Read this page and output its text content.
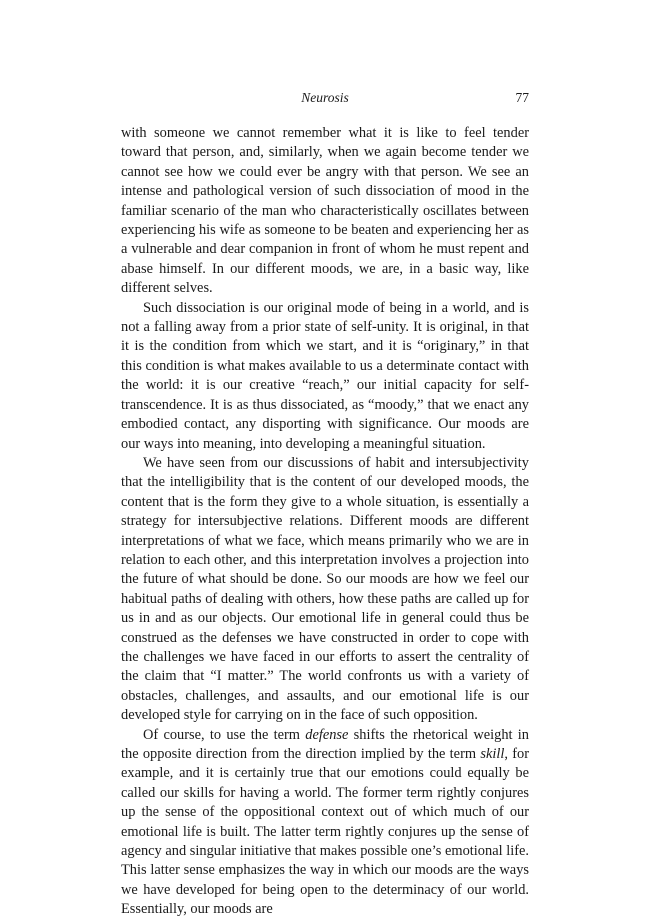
Neurosis	77

with someone we cannot remember what it is like to feel tender toward that person, and, similarly, when we again become tender we cannot see how we could ever be angry with that person. We see an intense and pathological version of such dissociation of mood in the familiar scenario of the man who characteristically oscillates between experiencing his wife as someone to be beaten and experiencing her as a vulnerable and dear companion in front of whom he must repent and abase himself. In our different moods, we are, in a basic way, like different selves.

Such dissociation is our original mode of being in a world, and is not a falling away from a prior state of self-unity. It is original, in that it is the condition from which we start, and it is “originary,” in that this condition is what makes available to us a determinate contact with the world: it is our creative “reach,” our initial capacity for self-transcendence. It is as thus dissociated, as “moody,” that we enact any embodied contact, any disporting with significance. Our moods are our ways into meaning, into developing a meaningful situation.

We have seen from our discussions of habit and intersubjectivity that the intelligibility that is the content of our developed moods, the content that is the form they give to a whole situation, is essentially a strategy for intersubjective relations. Different moods are different interpretations of what we face, which means primarily who we are in relation to each other, and this interpretation involves a projection into the future of what should be done. So our moods are how we feel our habitual paths of dealing with others, how these paths are called up for us in and as our objects. Our emotional life in general could thus be construed as the defenses we have constructed in order to cope with the challenges we have faced in our efforts to assert the centrality of the claim that “I matter.” The world confronts us with a variety of obstacles, challenges, and assaults, and our emotional life is our developed style for carrying on in the face of such opposition.

Of course, to use the term defense shifts the rhetorical weight in the opposite direction from the direction implied by the term skill, for example, and it is certainly true that our emotions could equally be called our skills for having a world. The former term rightly conjures up the sense of the oppositional context out of which much of our emotional life is built. The latter term rightly conjures up the sense of agency and singular initiative that makes possible one’s emotional life. This latter sense emphasizes the way in which our moods are the ways we have developed for being open to the determinacy of our world. Essentially, our moods are
